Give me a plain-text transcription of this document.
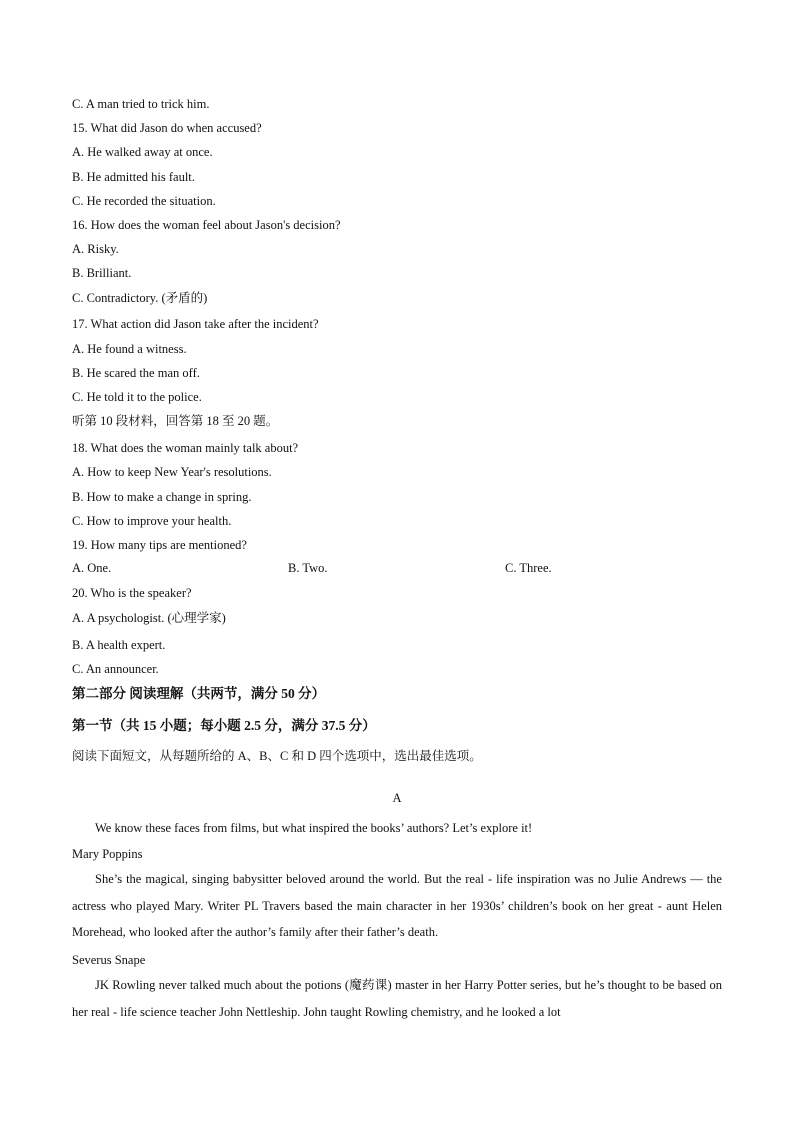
C. A man tried to trick him.
15. What did Jason do when accused?
A. He walked away at once.
B. He admitted his fault.
C. He recorded the situation.
16. How does the woman feel about Jason's decision?
A. Risky.
B. Brilliant.
C. Contradictory. (矛盾的)
17. What action did Jason take after the incident?
A. He found a witness.
B. He scared the man off.
C. He told it to the police.
听第 10 段材料，回答第 18 至 20 题。
18. What does the woman mainly talk about?
A. How to keep New Year's resolutions.
B. How to make a change in spring.
C. How to improve your health.
19. How many tips are mentioned?
A. One.	B. Two.	C. Three.
20. Who is the speaker?
A. A psychologist. (心理学家)
B. A health expert.
C. An announcer.
第二部分 阅读理解（共两节，满分 50 分）
第一节（共 15 小题；每小题 2.5 分，满分 37.5 分）
阅读下面短文，从每题所给的 A、B、C 和 D 四个选项中，选出最佳选项。
A
We know these faces from films, but what inspired the books’ authors? Let’s explore it!
Mary Poppins
She’s the magical, singing babysitter beloved around the world. But the real - life inspiration was no Julie Andrews — the actress who played Mary. Writer PL Travers based the main character in her 1930s’ children’s book on her great - aunt Helen Morehead, who looked after the author’s family after their father’s death.
Severus Snape
JK Rowling never talked much about the potions (魔药课) master in her Harry Potter series, but he’s thought to be based on her real - life science teacher John Nettleship. John taught Rowling chemistry, and he looked a lot
